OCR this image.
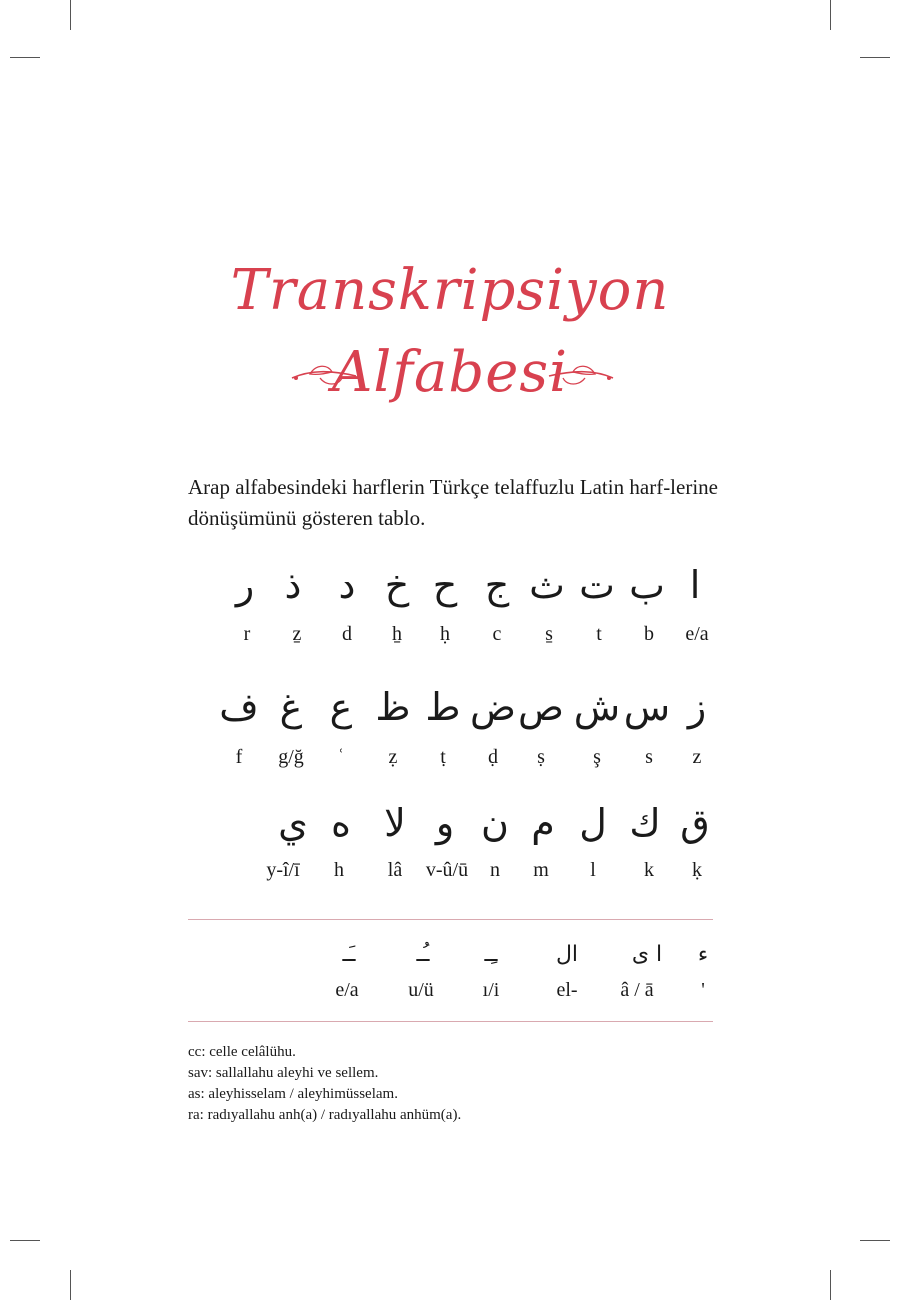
Transkripsiyon
Alfabesi
Arap alfabesindeki harflerin Türkçe telaffuzlu Latin harf-lerine dönüşümünü gösteren tablo.
ا
ب
ت
ث
ج
ح
خ
د
ذ
ر
e/a
b
t
s̱
c
ḥ
ẖ
d
ẕ
r
ز
س
ش
ص
ض
ط
ظ
ع
غ
ف
z
s
ş
ṣ
ḍ
ṭ
ẓ
ʿ
g/ğ
f
ق
ك
ل
م
ن
و
لا
ه
ي
ḳ
k
l
m
n
v-û/ū
lâ
h
y-î/ī
ء
ا ى
ال
ـِـ
ـُـ
ـَـ
'
â / ā
el-
ı/i
u/ü
e/a
cc: celle celâlühu.
sav: sallallahu aleyhi ve sellem.
as: aleyhisselam / aleyhimüsselam.
ra: radıyallahu anh(a) / radıyallahu anhüm(a).
